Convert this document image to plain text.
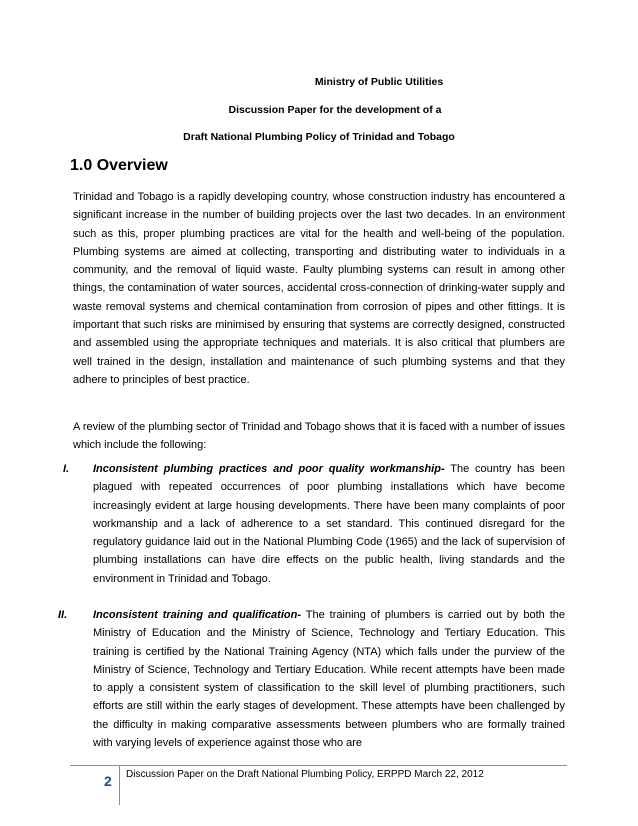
Ministry of Public Utilities
Discussion Paper for the development of a
Draft National Plumbing Policy of Trinidad and Tobago
1.0 Overview
Trinidad and Tobago is a rapidly developing country, whose construction industry has encountered a significant increase in the number of building projects over the last two decades. In an environment such as this, proper plumbing practices are vital for the health and well-being of the population. Plumbing systems are aimed at collecting, transporting and distributing water to individuals in a community, and the removal of liquid waste. Faulty plumbing systems can result in among other things, the contamination of water sources, accidental cross-connection of drinking-water supply and waste removal systems and chemical contamination from corrosion of pipes and other fittings. It is important that such risks are minimised by ensuring that systems are correctly designed, constructed and assembled using the appropriate techniques and materials. It is also critical that plumbers are well trained in the design, installation and maintenance of such plumbing systems and that they adhere to principles of best practice.
A review of the plumbing sector of Trinidad and Tobago shows that it is faced with a number of issues which include the following:
I. Inconsistent plumbing practices and poor quality workmanship- The country has been plagued with repeated occurrences of poor plumbing installations which have become increasingly evident at large housing developments. There have been many complaints of poor workmanship and a lack of adherence to a set standard. This continued disregard for the regulatory guidance laid out in the National Plumbing Code (1965) and the lack of supervision of plumbing installations can have dire effects on the public health, living standards and the environment in Trinidad and Tobago.
II. Inconsistent training and qualification- The training of plumbers is carried out by both the Ministry of Education and the Ministry of Science, Technology and Tertiary Education. This training is certified by the National Training Agency (NTA) which falls under the purview of the Ministry of Science, Technology and Tertiary Education. While recent attempts have been made to apply a consistent system of classification to the skill level of plumbing practitioners, such efforts are still within the early stages of development. These attempts have been challenged by the difficulty in making comparative assessments between plumbers who are formally trained with varying levels of experience against those who are
2 Discussion Paper on the Draft National Plumbing Policy, ERPPD March 22, 2012
